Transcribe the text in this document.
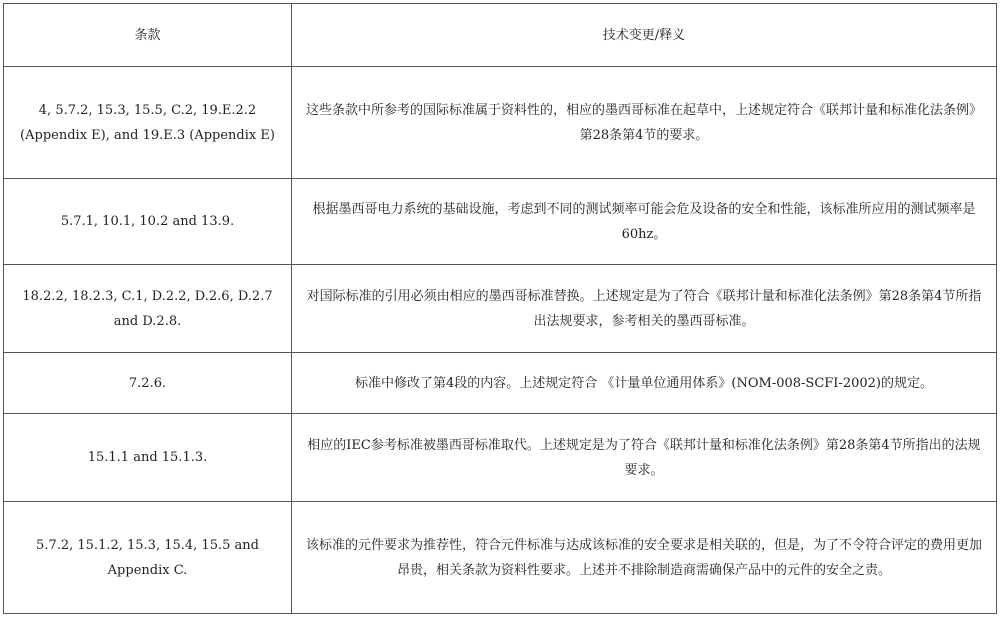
条款	技术变更/释义
4, 5.7.2, 15.3, 15.5, C.2, 19.E.2.2 (Appendix E), and 19.E.3 (Appendix E)	这些条款中所参考的国际标准属于资料性的，相应的墨西哥标准在起草中，上述规定符合《联邦计量和标准化法条例》第28条第4节的要求。
5.7.1, 10.1, 10.2 and 13.9.	根据墨西哥电力系统的基础设施，考虑到不同的测试频率可能会危及设备的安全和性能，该标准所应用的测试频率是60hz。
18.2.2, 18.2.3, C.1, D.2.2, D.2.6, D.2.7 and D.2.8.	对国际标准的引用必须由相应的墨西哥标准替换。上述规定是为了符合《联邦计量和标准化法条例》第28条第4节所指出法规要求，参考相关的墨西哥标准。
7.2.6.	标准中修改了第4段的内容。上述规定符合 《计量单位通用体系》(NOM-008-SCFI-2002)的规定。
15.1.1 and 15.1.3.	相应的IEC参考标准被墨西哥标准取代。上述规定是为了符合《联邦计量和标准化法条例》第28条第4节所指出的法规要求。
5.7.2, 15.1.2, 15.3, 15.4, 15.5 and Appendix C.	该标准的元件要求为推荐性，符合元件标准与达成该标准的安全要求是相关联的，但是，为了不令符合评定的费用更加昂贵，相关条款为资料性要求。上述并不排除制造商需确保产品中的元件的安全之责。
